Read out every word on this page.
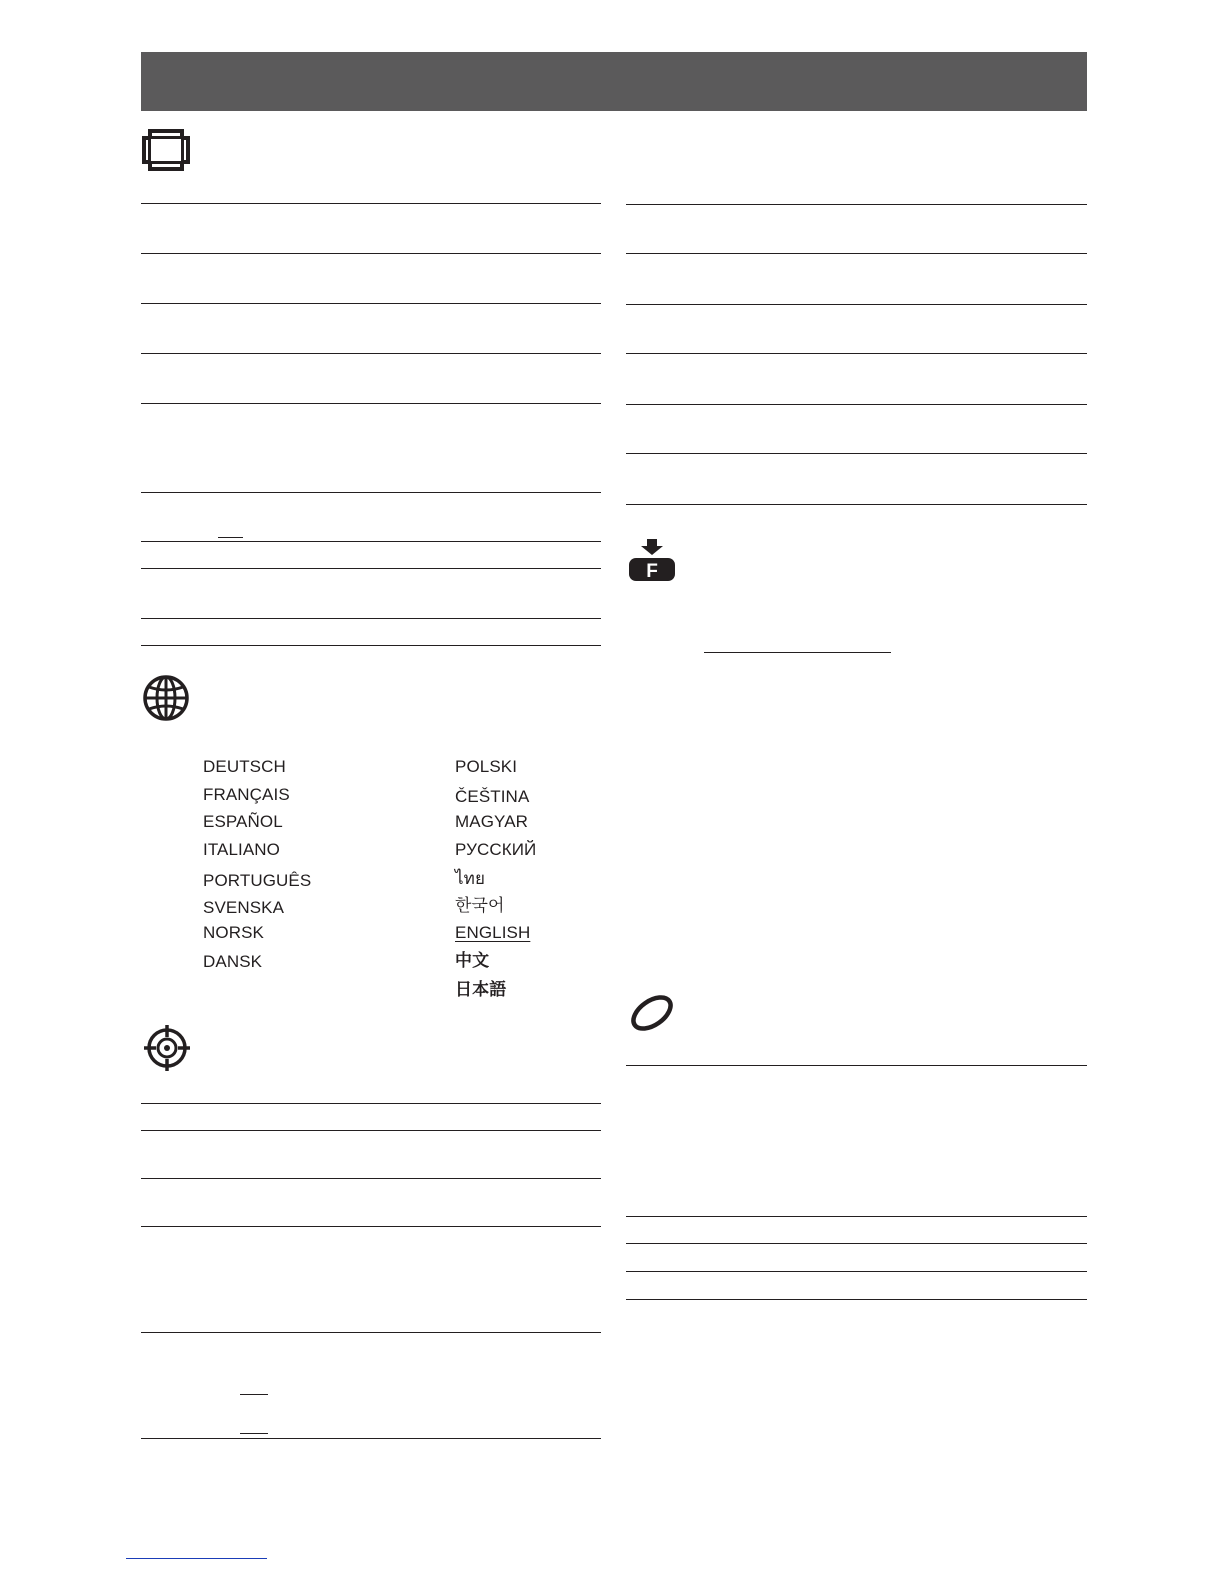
F
DEUTSCH
FRANÇAIS
ESPAÑOL
ITALIANO
PORTUGUÊS
SVENSKA
NORSK
DANSK
POLSKI
ČEŠTINA
MAGYAR
РУССКИЙ
ไทย
한국어
ENGLISH
中文
日本語
